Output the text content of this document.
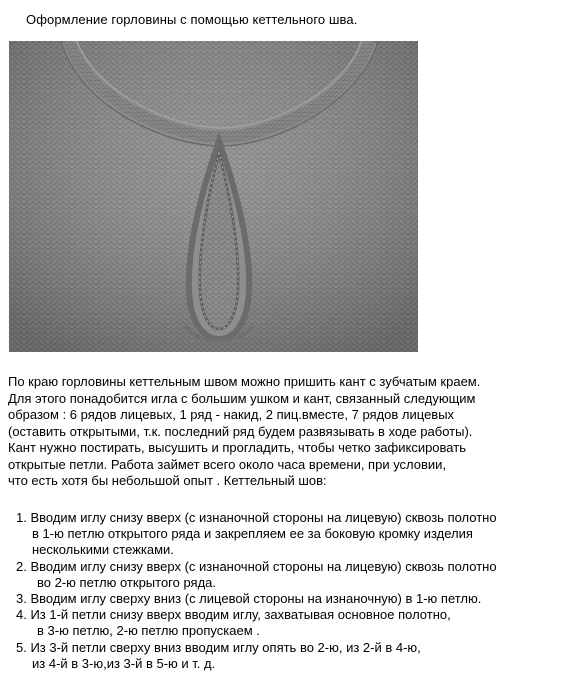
Оформление горловины с помощью кеттельного шва.
По краю горловины кеттельным швом можно пришить кант с зубчатым краем.
Для этого понадобится игла с большим ушком и кант, связанный следующим
образом : 6 рядов лицевых, 1 ряд - накид, 2 пиц.вместе, 7 рядов лицевых
(оставить открытыми, т.к. последний ряд будем развязывать в ходе работы).
Кант нужно постирать, высушить и прогладить, чтобы четко зафиксировать
открытые петли. Работа займет всего около часа времени, при условии,
что есть хотя бы небольшой опыт . Кеттельный шов:
1. Вводим иглу снизу вверх (с изнаночной стороны на лицевую) сквозь полотно
в 1-ю петлю открытого ряда и закрепляем ее за боковую кромку изделия
несколькими стежками.
2. Вводим иглу снизу вверх (с изнаночной стороны на лицевую) сквозь полотно
во 2-ю петлю открытого ряда.
3. Вводим иглу сверху вниз (с лицевой стороны на изнаночную) в 1-ю петлю.
4. Из 1-й петли снизу вверх вводим иглу, захватывая основное полотно,
в 3-ю петлю, 2-ю петлю пропускаем .
5. Из 3-й петли сверху вниз вводим иглу опять во 2-ю, из 2-й в 4-ю,
из 4-й в 3-ю,из 3-й в 5-ю и т. д.
